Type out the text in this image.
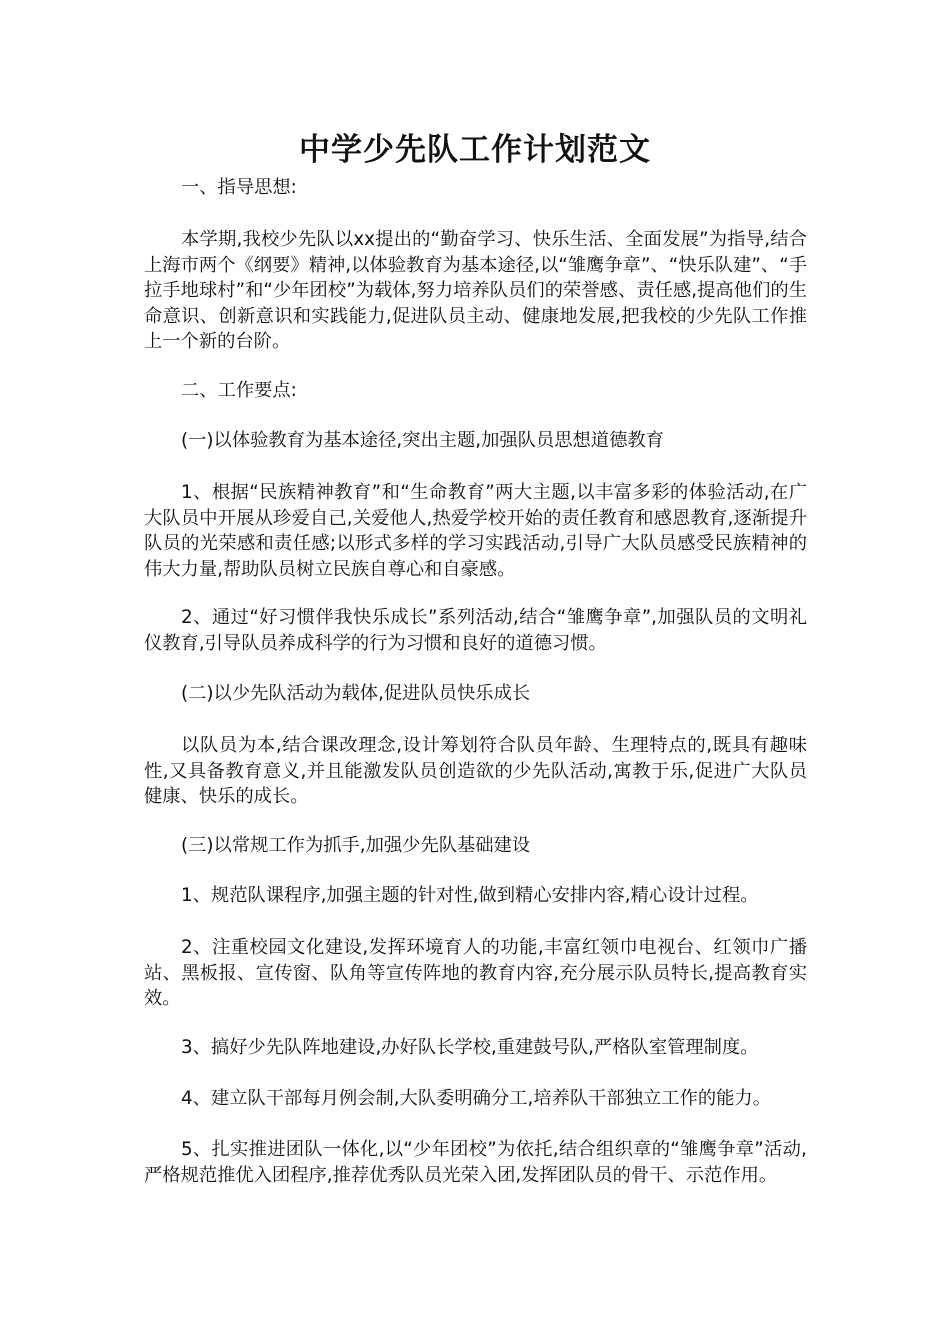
中学少先队工作计划范文
一、指导思想:
本学期,我校少先队以xx提出的“勤奋学习、快乐生活、全面发展”为指导,结合上海市两个《纲要》精神,以体验教育为基本途径,以“雏鹰争章”、“快乐队建”、“手拉手地球村”和“少年团校”为载体,努力培养队员们的荣誉感、责任感,提高他们的生命意识、创新意识和实践能力,促进队员主动、健康地发展,把我校的少先队工作推上一个新的台阶。
二、工作要点:
(一)以体验教育为基本途径,突出主题,加强队员思想道德教育
1、根据“民族精神教育”和“生命教育”两大主题,以丰富多彩的体验活动,在广大队员中开展从珍爱自己,关爱他人,热爱学校开始的责任教育和感恩教育,逐渐提升队员的光荣感和责任感;以形式多样的学习实践活动,引导广大队员感受民族精神的伟大力量,帮助队员树立民族自尊心和自豪感。
2、通过“好习惯伴我快乐成长”系列活动,结合“雏鹰争章”,加强队员的文明礼仪教育,引导队员养成科学的行为习惯和良好的道德习惯。
(二)以少先队活动为载体,促进队员快乐成长
以队员为本,结合课改理念,设计筹划符合队员年龄、生理特点的,既具有趣味性,又具备教育意义,并且能激发队员创造欲的少先队活动,寓教于乐,促进广大队员健康、快乐的成长。
(三)以常规工作为抓手,加强少先队基础建设
1、规范队课程序,加强主题的针对性,做到精心安排内容,精心设计过程。
2、注重校园文化建设,发挥环境育人的功能,丰富红领巾电视台、红领巾广播站、黑板报、宣传窗、队角等宣传阵地的教育内容,充分展示队员特长,提高教育实效。
3、搞好少先队阵地建设,办好队长学校,重建鼓号队,严格队室管理制度。
4、建立队干部每月例会制,大队委明确分工,培养队干部独立工作的能力。
5、扎实推进团队一体化,以“少年团校”为依托,结合组织章的“雏鹰争章”活动,严格规范推优入团程序,推荐优秀队员光荣入团,发挥团队员的骨干、示范作用。
